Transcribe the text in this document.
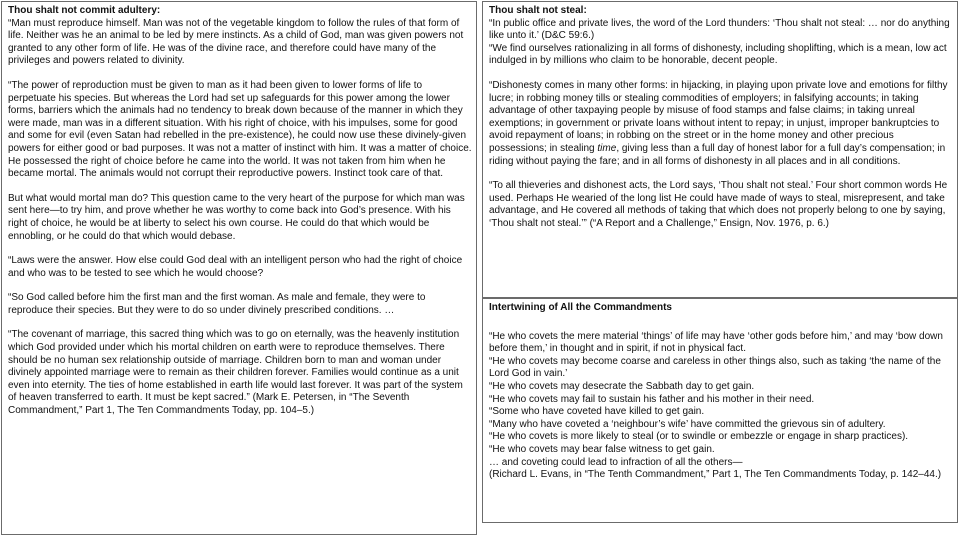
Thou shalt not commit adultery:

“Man must reproduce himself. Man was not of the vegetable kingdom to follow the rules of that form of life. Neither was he an animal to be led by mere instincts. As a child of God, man was given powers not granted to any other form of life. He was of the divine race, and therefore could have many of the privileges and powers related to divinity.

“The power of reproduction must be given to man as it had been given to lower forms of life to perpetuate his species. But whereas the Lord had set up safeguards for this power among the lower forms, barriers which the animals had no tendency to break down because of the manner in which they were made, man was in a different situation. With his right of choice, with his impulses, some for good and some for evil (even Satan had rebelled in the pre-existence), he could now use these divinely-given powers for either good or bad purposes. It was not a matter of instinct with him. It was a matter of choice. He possessed the right of choice before he came into the world. It was not taken from him when he became mortal. The animals would not corrupt their reproductive powers. Instinct took care of that.

But what would mortal man do? This question came to the very heart of the purpose for which man was sent here—to try him, and prove whether he was worthy to come back into God’s presence. With his right of choice, he would be at liberty to select his own course. He could do that which would be ennobling, or he could do that which would debase.

“Laws were the answer. How else could God deal with an intelligent person who had the right of choice and who was to be tested to see which he would choose?

“So God called before him the first man and the first woman. As male and female, they were to reproduce their species. But they were to do so under divinely prescribed conditions. …

“The covenant of marriage, this sacred thing which was to go on eternally, was the heavenly institution which God provided under which his mortal children on earth were to reproduce themselves. There should be no human sex relationship outside of marriage. Children born to man and woman under divinely appointed marriage were to remain as their children forever. Families would continue as a unit even into eternity. The ties of home established in earth life would last forever. It was part of the system of heaven transferred to earth. It must be kept sacred.” (Mark E. Petersen, in “The Seventh Commandment,” Part 1, The Ten Commandments Today, pp. 104–5.)

Thou shalt not steal:

“In public office and private lives, the word of the Lord thunders: ‘Thou shalt not steal: … nor do anything like unto it.’ (D&C 59:6.)

“We find ourselves rationalizing in all forms of dishonesty, including shoplifting, which is a mean, low act indulged in by millions who claim to be honorable, decent people.

“Dishonesty comes in many other forms: in hijacking, in playing upon private love and emotions for filthy lucre; in robbing money tills or stealing commodities of employers; in falsifying accounts; in taking advantage of other taxpaying people by misuse of food stamps and false claims; in taking unreal exemptions; in government or private loans without intent to repay; in unjust, improper bankruptcies to avoid repayment of loans; in robbing on the street or in the home money and other precious possessions; in stealing time, giving less than a full day of honest labor for a full day’s compensation; in riding without paying the fare; and in all forms of dishonesty in all places and in all conditions.

“To all thieveries and dishonest acts, the Lord says, ‘Thou shalt not steal.’ Four short common words He used. Perhaps He wearied of the long list He could have made of ways to steal, misrepresent, and take advantage, and He covered all methods of taking that which does not properly belong to one by saying, ‘Thou shalt not steal.’” (“A Report and a Challenge,” Ensign, Nov. 1976, p. 6.)

Intertwining of All the Commandments

“He who covets the mere material ‘things’ of life may have ‘other gods before him,’ and may ‘bow down before them,’ in thought and in spirit, if not in physical fact.

“He who covets may become coarse and careless in other things also, such as taking ‘the name of the Lord God in vain.’

“He who covets may desecrate the Sabbath day to get gain.

“He who covets may fail to sustain his father and his mother in their need.

“Some who have coveted have killed to get gain.

“Many who have coveted a ‘neighbour’s wife’ have committed the grievous sin of adultery.

“He who covets is more likely to steal (or to swindle or embezzle or engage in sharp practices).

“He who covets may bear false witness to get gain.

… and coveting could lead to infraction of all the others—

(Richard L. Evans, in “The Tenth Commandment,” Part 1, The Ten Commandments Today, p. 142–44.)
